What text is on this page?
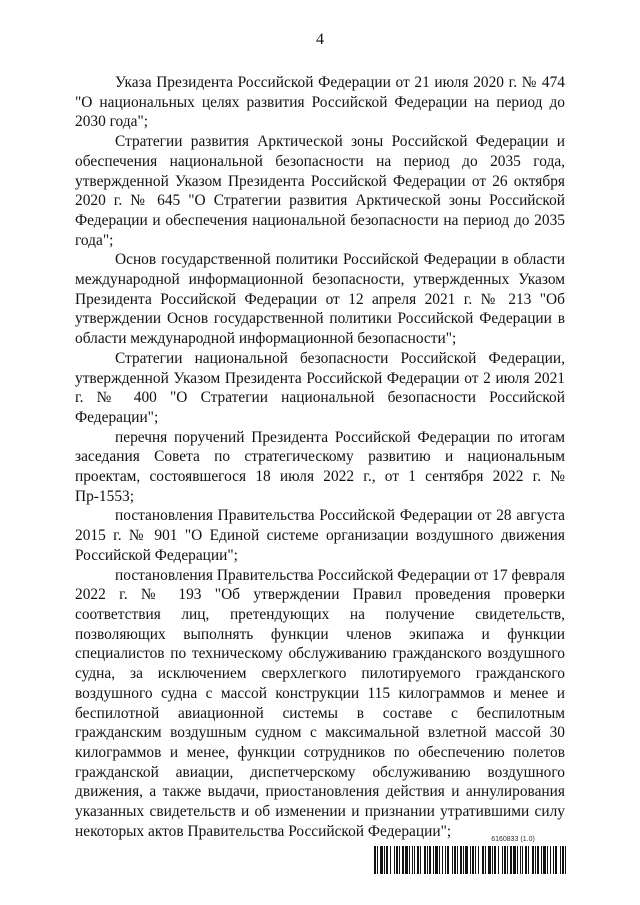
4

Указа Президента Российской Федерации от 21 июля 2020 г. № 474 "О национальных целях развития Российской Федерации на период до 2030 года";

Стратегии развития Арктической зоны Российской Федерации и обеспечения национальной безопасности на период до 2035 года, утвержденной Указом Президента Российской Федерации от 26 октября 2020 г. № 645 "О Стратегии развития Арктической зоны Российской Федерации и обеспечения национальной безопасности на период до 2035 года";

Основ государственной политики Российской Федерации в области международной информационной безопасности, утвержденных Указом Президента Российской Федерации от 12 апреля 2021 г. № 213 "Об утверждении Основ государственной политики Российской Федерации в области международной информационной безопасности";

Стратегии национальной безопасности Российской Федерации, утвержденной Указом Президента Российской Федерации от 2 июля 2021 г. № 400 "О Стратегии национальной безопасности Российской Федерации";

перечня поручений Президента Российской Федерации по итогам заседания Совета по стратегическому развитию и национальным проектам, состоявшегося 18 июля 2022 г., от 1 сентября 2022 г. № Пр-1553;

постановления Правительства Российской Федерации от 28 августа 2015 г. № 901 "О Единой системе организации воздушного движения Российской Федерации";

постановления Правительства Российской Федерации от 17 февраля 2022 г. № 193 "Об утверждении Правил проведения проверки соответствия лиц, претендующих на получение свидетельств, позволяющих выполнять функции членов экипажа и функции специалистов по техническому обслуживанию гражданского воздушного судна, за исключением сверхлегкого пилотируемого гражданского воздушного судна с массой конструкции 115 килограммов и менее и беспилотной авиационной системы в составе с беспилотным гражданским воздушным судном с максимальной взлетной массой 30 килограммов и менее, функции сотрудников по обеспечению полетов гражданской авиации, диспетчерскому обслуживанию воздушного движения, а также выдачи, приостановления действия и аннулирования указанных свидетельств и об изменении и признании утратившими силу некоторых актов Правительства Российской Федерации";	6160833 (1.0)
